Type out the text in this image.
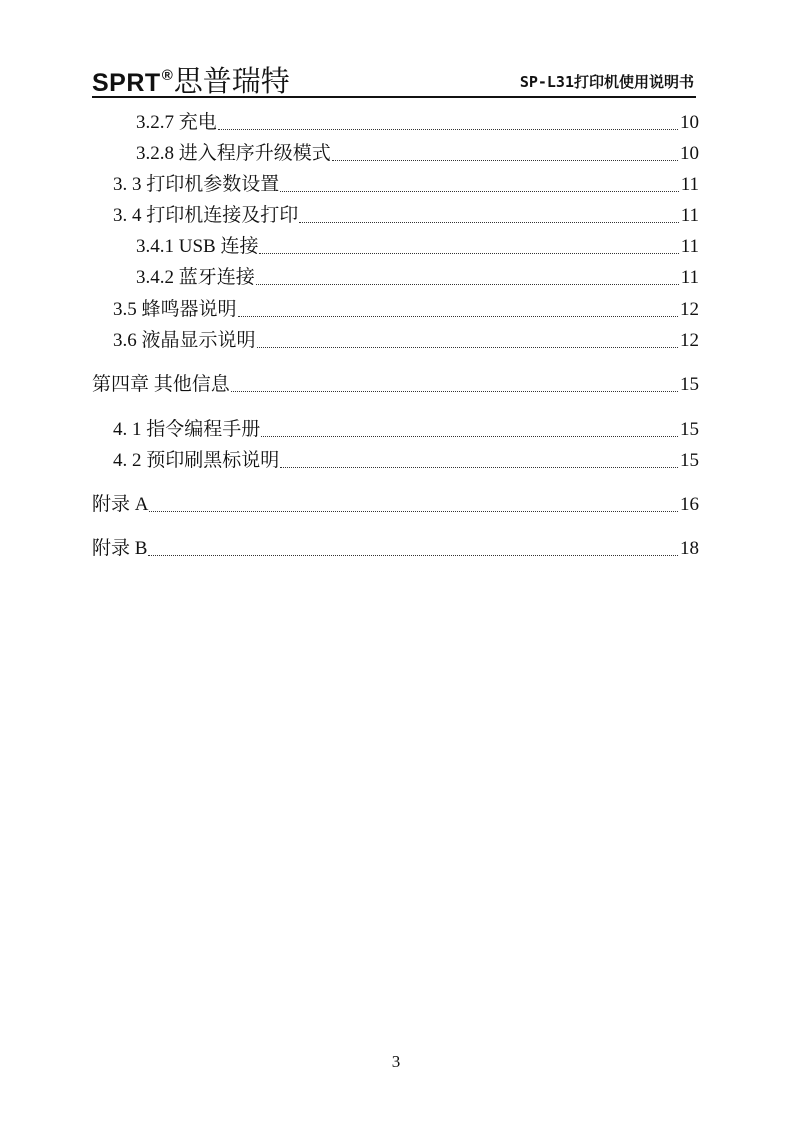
SPRT®思普瑞特	SP-L31打印机使用说明书
3.2.7 充电	10
3.2.8 进入程序升级模式	10
3. 3 打印机参数设置	11
3. 4 打印机连接及打印	11
3.4.1 USB 连接	11
3.4.2 蓝牙连接	11
3.5 蜂鸣器说明	12
3.6 液晶显示说明	12
第四章 其他信息	15
4. 1 指令编程手册	15
4. 2 预印刷黑标说明	15
附录 A	16
附录 B	18
3
